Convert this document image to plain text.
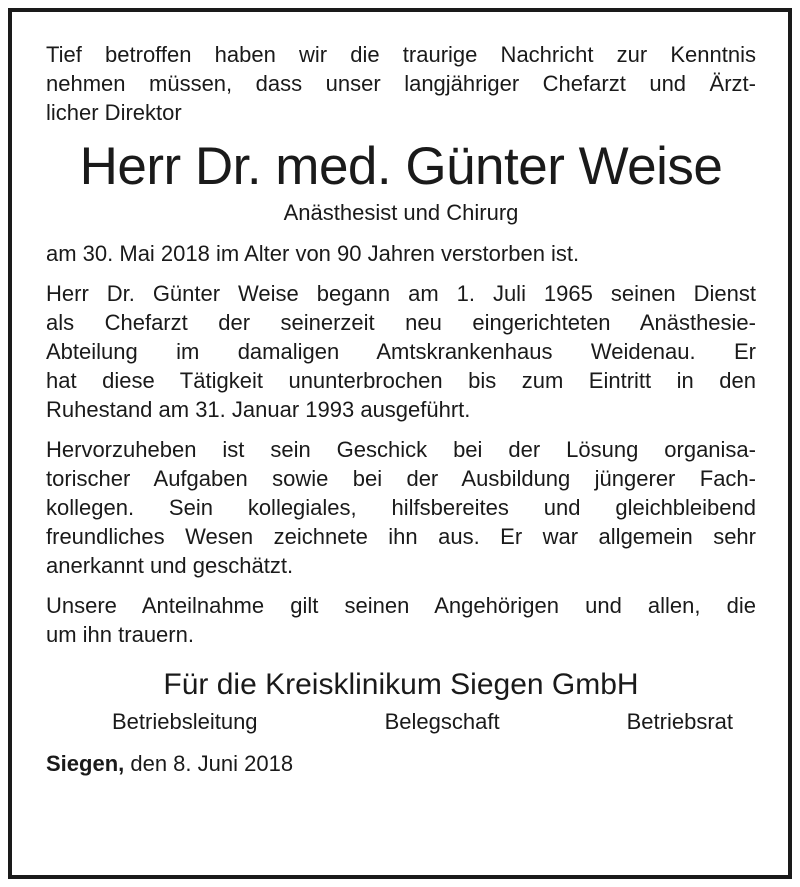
Tief betroffen haben wir die traurige Nachricht zur Kenntnis
nehmen müssen, dass unser langjähriger Chefarzt und Ärzt-
licher Direktor
Herr Dr. med. Günter Weise
Anästhesist und Chirurg
am 30. Mai 2018 im Alter von 90 Jahren verstorben ist.
Herr Dr. Günter Weise begann am 1. Juli 1965 seinen Dienst
als Chefarzt der seinerzeit neu eingerichteten Anästhesie-
Abteilung im damaligen Amtskrankenhaus Weidenau. Er
hat diese Tätigkeit ununterbrochen bis zum Eintritt in den
Ruhestand am 31. Januar 1993 ausgeführt.
Hervorzuheben ist sein Geschick bei der Lösung organisa-
torischer Aufgaben sowie bei der Ausbildung jüngerer Fach-
kollegen. Sein kollegiales, hilfsbereites und gleichbleibend
freundliches Wesen zeichnete ihn aus. Er war allgemein sehr
anerkannt und geschätzt.
Unsere Anteilnahme gilt seinen Angehörigen und allen, die
um ihn trauern.
Für die Kreisklinikum Siegen GmbH
Betriebsleitung	Belegschaft	Betriebsrat
Siegen, den 8. Juni 2018
